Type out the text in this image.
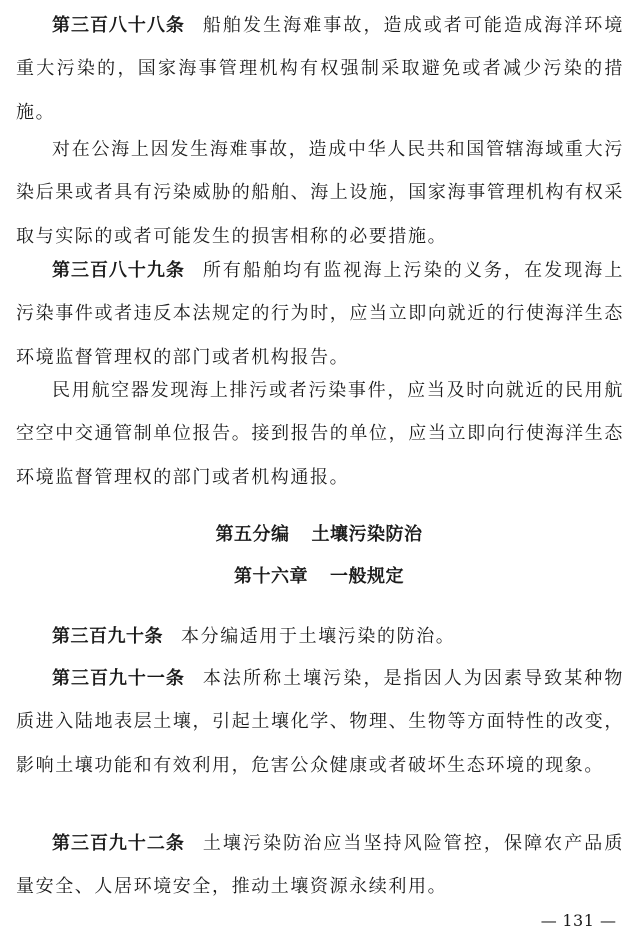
第三百八十八条 船舶发生海难事故，造成或者可能造成海洋环境重大污染的，国家海事管理机构有权强制采取避免或者减少污染的措施。

对在公海上因发生海难事故，造成中华人民共和国管辖海域重大污染后果或者具有污染威胁的船舶、海上设施，国家海事管理机构有权采取与实际的或者可能发生的损害相称的必要措施。

第三百八十九条 所有船舶均有监视海上污染的义务，在发现海上污染事件或者违反本法规定的行为时，应当立即向就近的行使海洋生态环境监督管理权的部门或者机构报告。

民用航空器发现海上排污或者污染事件，应当及时向就近的民用航空空中交通管制单位报告。接到报告的单位，应当立即向行使海洋生态环境监督管理权的部门或者机构通报。

第五分编 土壤污染防治
第十六章 一般规定

第三百九十条 本分编适用于土壤污染的防治。

第三百九十一条 本法所称土壤污染，是指因人为因素导致某种物质进入陆地表层土壤，引起土壤化学、物理、生物等方面特性的改变，影响土壤功能和有效利用，危害公众健康或者破坏生态环境的现象。

第三百九十二条 土壤污染防治应当坚持风险管控，保障农产品质量安全、人居环境安全，推动土壤资源永续利用。

— 131 —
